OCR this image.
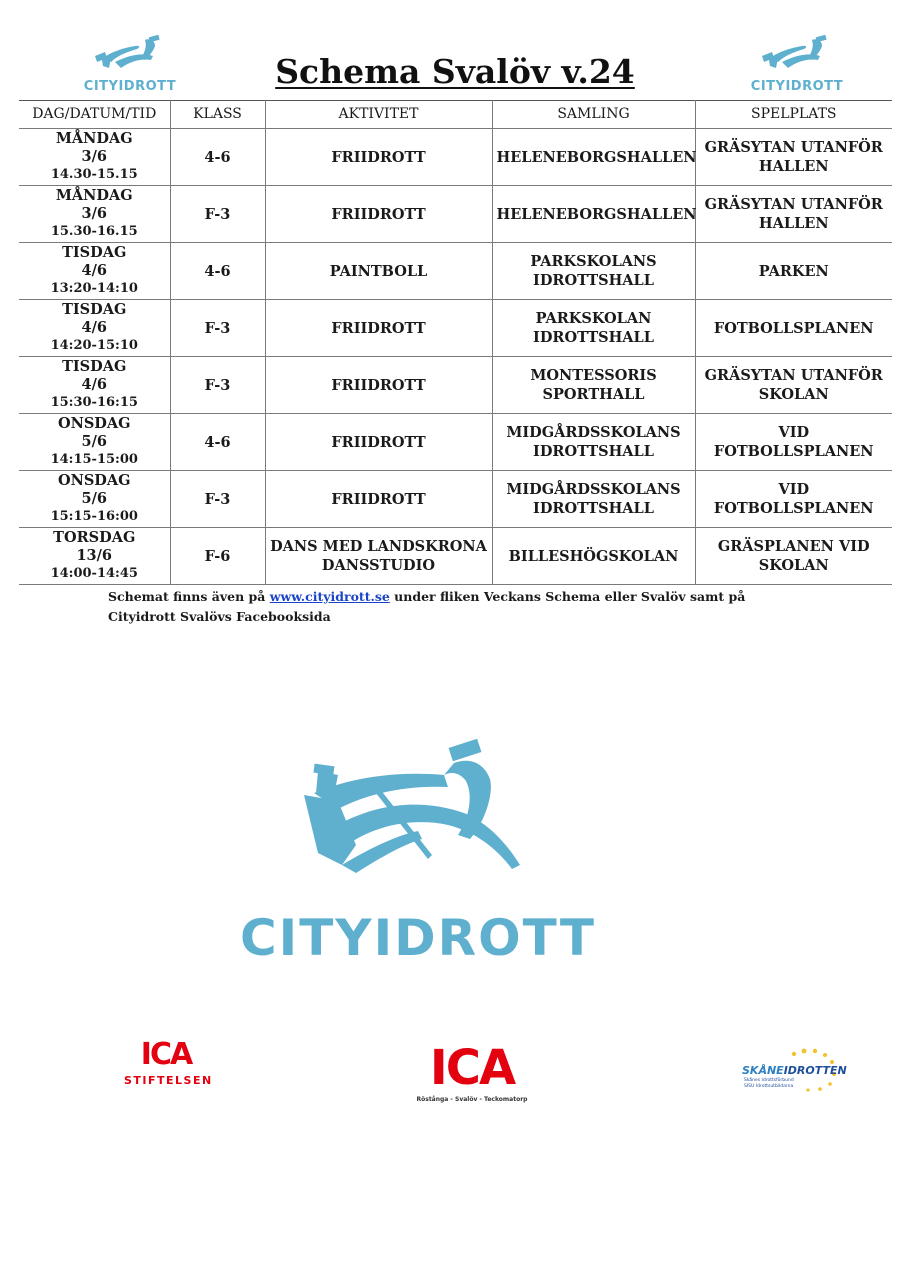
CITYIDROTT	Schema Svalöv v.24	CITYIDROTT
DAG/DATUM/TID	KLASS	AKTIVITET	SAMLING	SPELPLATS

MÅNDAG
3/6
14.30-15.15	4-6	FRIIDROTT	HELENEBORGSHALLEN	GRÄSYTAN UTANFÖR HALLEN

MÅNDAG
3/6
15.30-16.15	F-3	FRIIDROTT	HELENEBORGSHALLEN	GRÄSYTAN UTANFÖR HALLEN

TISDAG
4/6
13:20-14:10	4-6	PAINTBOLL	PARKSKOLANS IDROTTSHALL	PARKEN

TISDAG
4/6
14:20-15:10	F-3	FRIIDROTT	PARKSKOLAN IDROTTSHALL	FOTBOLLSPLANEN

TISDAG
4/6
15:30-16:15	F-3	FRIIDROTT	MONTESSORIS SPORTHALL	GRÄSYTAN UTANFÖR SKOLAN

ONSDAG
5/6
14:15-15:00	4-6	FRIIDROTT	MIDGÅRDSSKOLANS IDROTTSHALL	VID FOTBOLLSPLANEN

ONSDAG
5/6
15:15-16:00	F-3	FRIIDROTT	MIDGÅRDSSKOLANS IDROTTSHALL	VID FOTBOLLSPLANEN

TORSDAG
13/6
14:00-14:45	F-6	DANS MED LANDSKRONA DANSSTUDIO	BILLESHÖGSKOLAN	GRÄSPLANEN VID SKOLAN
Schemat finns även på www.cityidrott.se under fliken Veckans Schema eller Svalöv samt på Cityidrott Svalövs Facebooksida
CITYIDROTT
ICA
STIFTELSEN	ICA
Röstånga - Svalöv - Teckomatorp
SKÅNEIDROTTEN
Skånes Idrottsförbund
SISU Idrottsutbildarna
